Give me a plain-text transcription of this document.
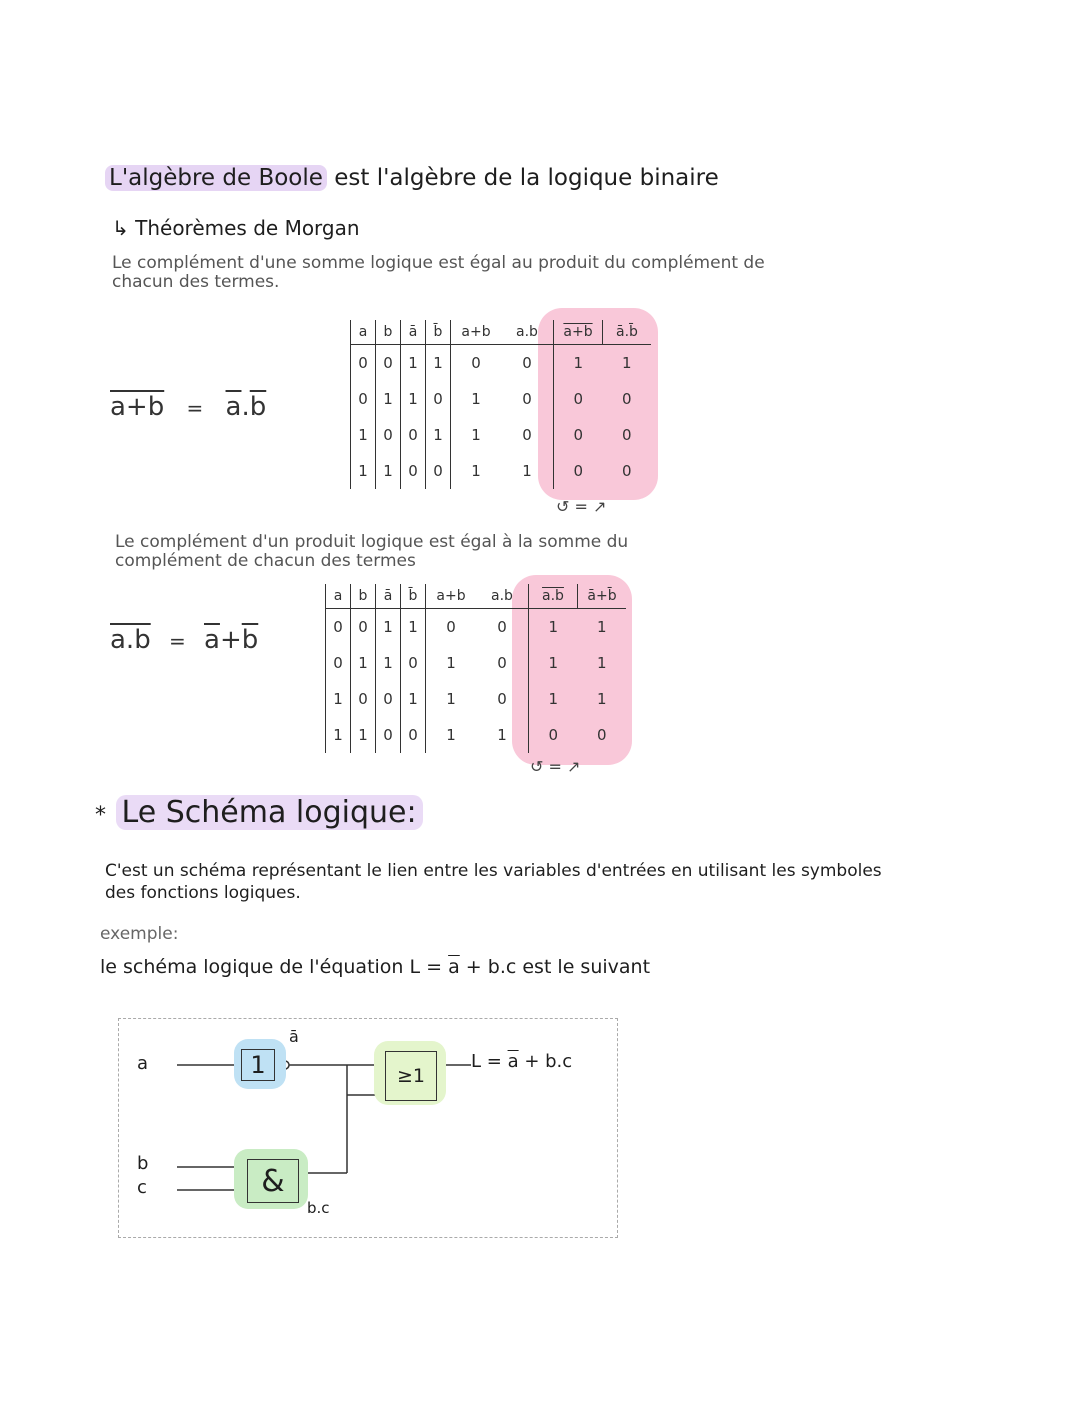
L'algèbre de Boole est l'algèbre de la logique binaire
↳ Théorèmes de Morgan
Le complément d'une somme logique est égal au produit du complément de
chacun des termes.
$a+b = \overline{a}.\overline{b}$
a	b	ā	b̄	a+b	a.b	a+b	ā.b̄
0	0	1	1	0	0	1	1
0	1	1	0	1	0	0	0
1	0	0	1	1	0	0	0
1	1	0	0	1	1	0	0
↺ = ↗
Le complément d'un produit logique est égal à la somme du
complément de chacun des termes
$a.b = \overline{a}+\overline{b}$
a	b	ā	b̄	a+b	a.b	a.b	ā+b̄
0	0	1	1	0	0	1	1
0	1	1	0	1	0	1	1
1	0	0	1	1	0	1	1
1	1	0	0	1	1	0	0
↺ = ↗
* Le Schéma logique:
C'est un schéma représentant le lien entre les variables d'entrées en utilisant les symboles
des fonctions logiques.
exemple:
le schéma logique de l'équation $L = \overline{a} + b.c$ est le suivant
1
ā
≥1
&
b.c
a
b
c
$L = \overline{a} + b.c$
